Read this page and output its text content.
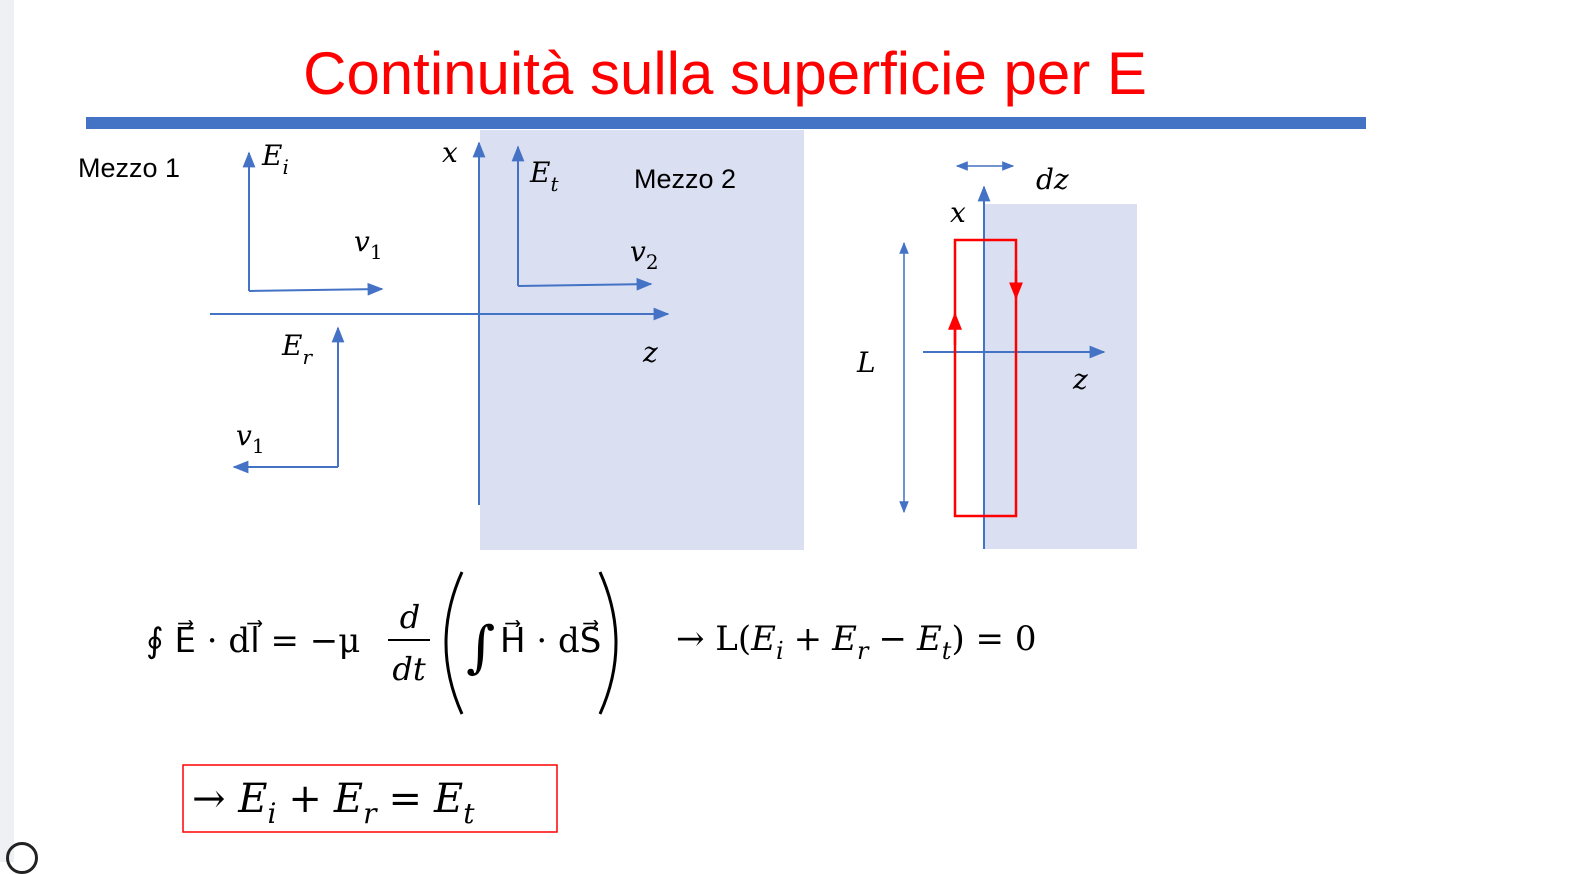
Continuità sulla superficie per E
Mezzo 1	Mezzo 2
$E_i$	x
$E_t$
$v_1$	$v_2$
$E_r$	z
$v_1$
dz
x
z
L
∮ E⃗ · dl⃗ = −μ
d
dt ∫ H⃗ · dS⃗ → $L(E_i + E_r - E_t) = 0$
→ $E_i + E_r = E_t$
